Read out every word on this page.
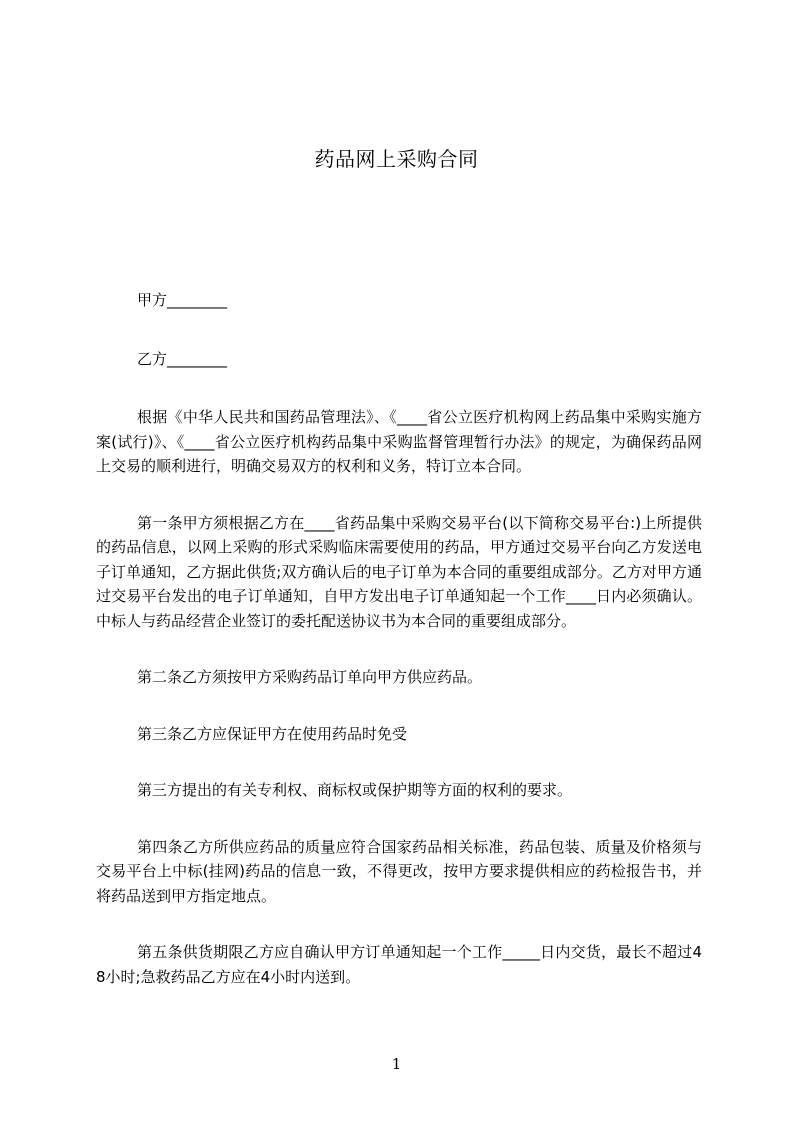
药品网上采购合同

甲方________

乙方________

根据《中华人民共和国药品管理法》、《____省公立医疗机构网上药品集中采购实施方案(试行)》、《____省公立医疗机构药品集中采购监督管理暂行办法》的规定，为确保药品网上交易的顺利进行，明确交易双方的权利和义务，特订立本合同。

第一条甲方须根据乙方在____省药品集中采购交易平台(以下简称交易平台:)上所提供的药品信息，以网上采购的形式采购临床需要使用的药品，甲方通过交易平台向乙方发送电子订单通知，乙方据此供货;双方确认后的电子订单为本合同的重要组成部分。乙方对甲方通过交易平台发出的电子订单通知，自甲方发出电子订单通知起一个工作____日内必须确认。中标人与药品经营企业签订的委托配送协议书为本合同的重要组成部分。

第二条乙方须按甲方采购药品订单向甲方供应药品。

第三条乙方应保证甲方在使用药品时免受

第三方提出的有关专利权、商标权或保护期等方面的权利的要求。

第四条乙方所供应药品的质量应符合国家药品相关标准，药品包装、质量及价格须与交易平台上中标(挂网)药品的信息一致，不得更改，按甲方要求提供相应的药检报告书，并将药品送到甲方指定地点。

第五条供货期限乙方应自确认甲方订单通知起一个工作_____日内交货，最长不超过48小时;急救药品乙方应在4小时内送到。

1
